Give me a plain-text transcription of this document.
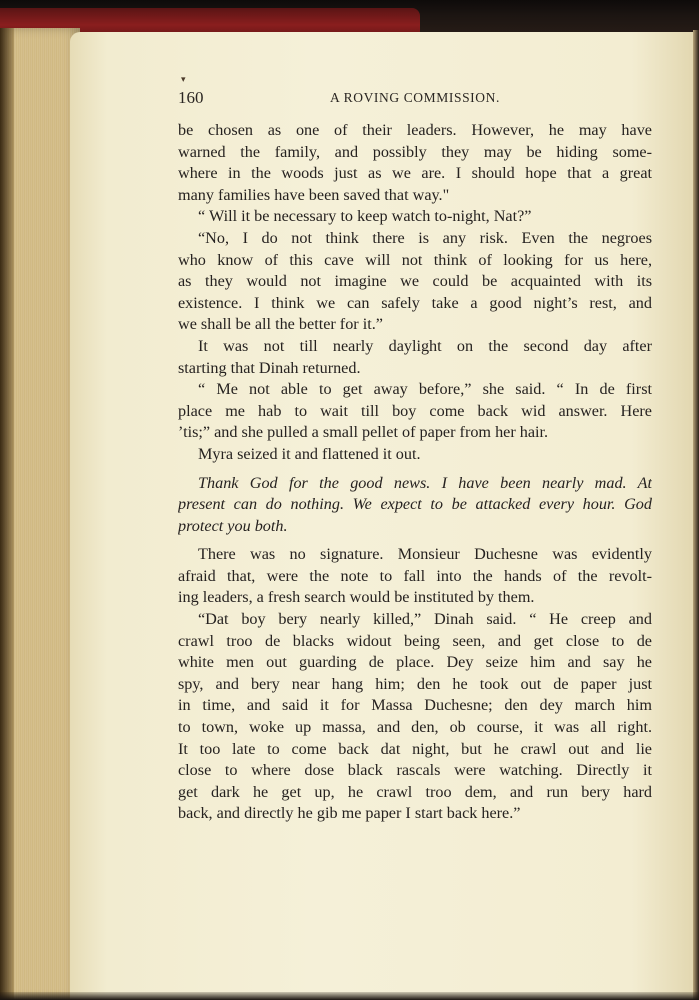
▾
160	A ROVING COMMISSION.
be chosen as one of their leaders. However, he may have
warned the family, and possibly they may be hiding some-
where in the woods just as we are. I should hope that a great
many families have been saved that way."
“ Will it be necessary to keep watch to-night, Nat?”
“No, I do not think there is any risk. Even the negroes
who know of this cave will not think of looking for us here,
as they would not imagine we could be acquainted with its
existence. I think we can safely take a good night’s rest, and
we shall be all the better for it.”
It was not till nearly daylight on the second day after
starting that Dinah returned.
“ Me not able to get away before,” she said. “ In de first
place me hab to wait till boy come back wid answer. Here
’tis;” and she pulled a small pellet of paper from her hair.
Myra seized it and flattened it out.
Thank God for the good news. I have been nearly mad. At
present can do nothing. We expect to be attacked every hour. God
protect you both.
There was no signature. Monsieur Duchesne was evidently
afraid that, were the note to fall into the hands of the revolt-
ing leaders, a fresh search would be instituted by them.
“Dat boy bery nearly killed,” Dinah said. “ He creep and
crawl troo de blacks widout being seen, and get close to de
white men out guarding de place. Dey seize him and say he
spy, and bery near hang him; den he took out de paper just
in time, and said it for Massa Duchesne; den dey march him
to town, woke up massa, and den, ob course, it was all right.
It too late to come back dat night, but he crawl out and lie
close to where dose black rascals were watching. Directly it
get dark he get up, he crawl troo dem, and run bery hard
back, and directly he gib me paper I start back here.”
